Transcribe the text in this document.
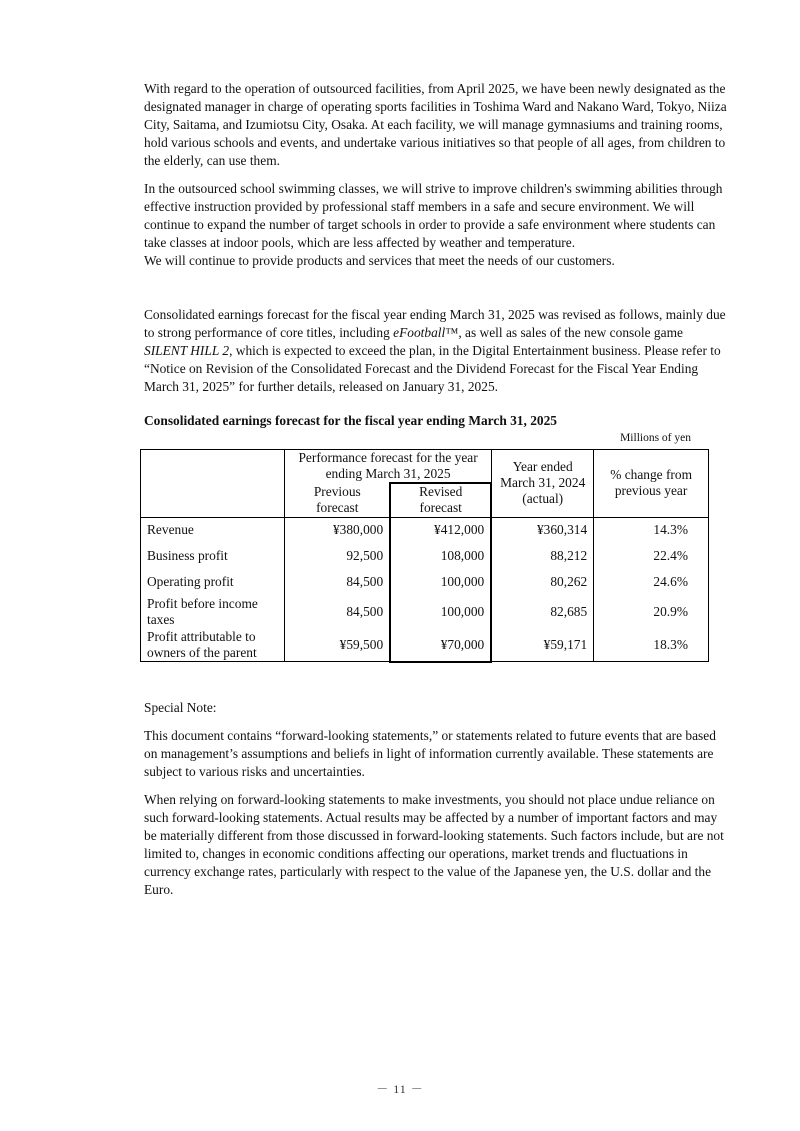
With regard to the operation of outsourced facilities, from April 2025, we have been newly designated as the designated manager in charge of operating sports facilities in Toshima Ward and Nakano Ward, Tokyo, Niiza City, Saitama, and Izumiotsu City, Osaka. At each facility, we will manage gymnasiums and training rooms, hold various schools and events, and undertake various initiatives so that people of all ages, from children to the elderly, can use them.

In the outsourced school swimming classes, we will strive to improve children's swimming abilities through effective instruction provided by professional staff members in a safe and secure environment. We will continue to expand the number of target schools in order to provide a safe environment where students can take classes at indoor pools, which are less affected by weather and temperature.

We will continue to provide products and services that meet the needs of our customers.

Consolidated earnings forecast for the fiscal year ending March 31, 2025 was revised as follows, mainly due to strong performance of core titles, including eFootball™, as well as sales of the new console game SILENT HILL 2, which is expected to exceed the plan, in the Digital Entertainment business. Please refer to “Notice on Revision of the Consolidated Forecast and the Dividend Forecast for the Fiscal Year Ending March 31, 2025” for further details, released on January 31, 2025.

Consolidated earnings forecast for the fiscal year ending March 31, 2025
Millions of yen
	Performance forecast for the year ending March 31, 2025		Year ended March 31, 2024 (actual)	% change from previous year
	Previous forecast	Revised forecast		
Revenue	¥380,000	¥412,000	¥360,314	14.3%
Business profit	92,500	108,000	88,212	22.4%
Operating profit	84,500	100,000	80,262	24.6%
Profit before income taxes	84,500	100,000	82,685	20.9%
Profit attributable to owners of the parent	¥59,500	¥70,000	¥59,171	18.3%

Special Note:

This document contains “forward-looking statements,” or statements related to future events that are based on management’s assumptions and beliefs in light of information currently available. These statements are subject to various risks and uncertainties.

When relying on forward-looking statements to make investments, you should not place undue reliance on such forward-looking statements. Actual results may be affected by a number of important factors and may be materially different from those discussed in forward-looking statements. Such factors include, but are not limited to, changes in economic conditions affecting our operations, market trends and fluctuations in currency exchange rates, particularly with respect to the value of the Japanese yen, the U.S. dollar and the Euro.

－ 11 －
